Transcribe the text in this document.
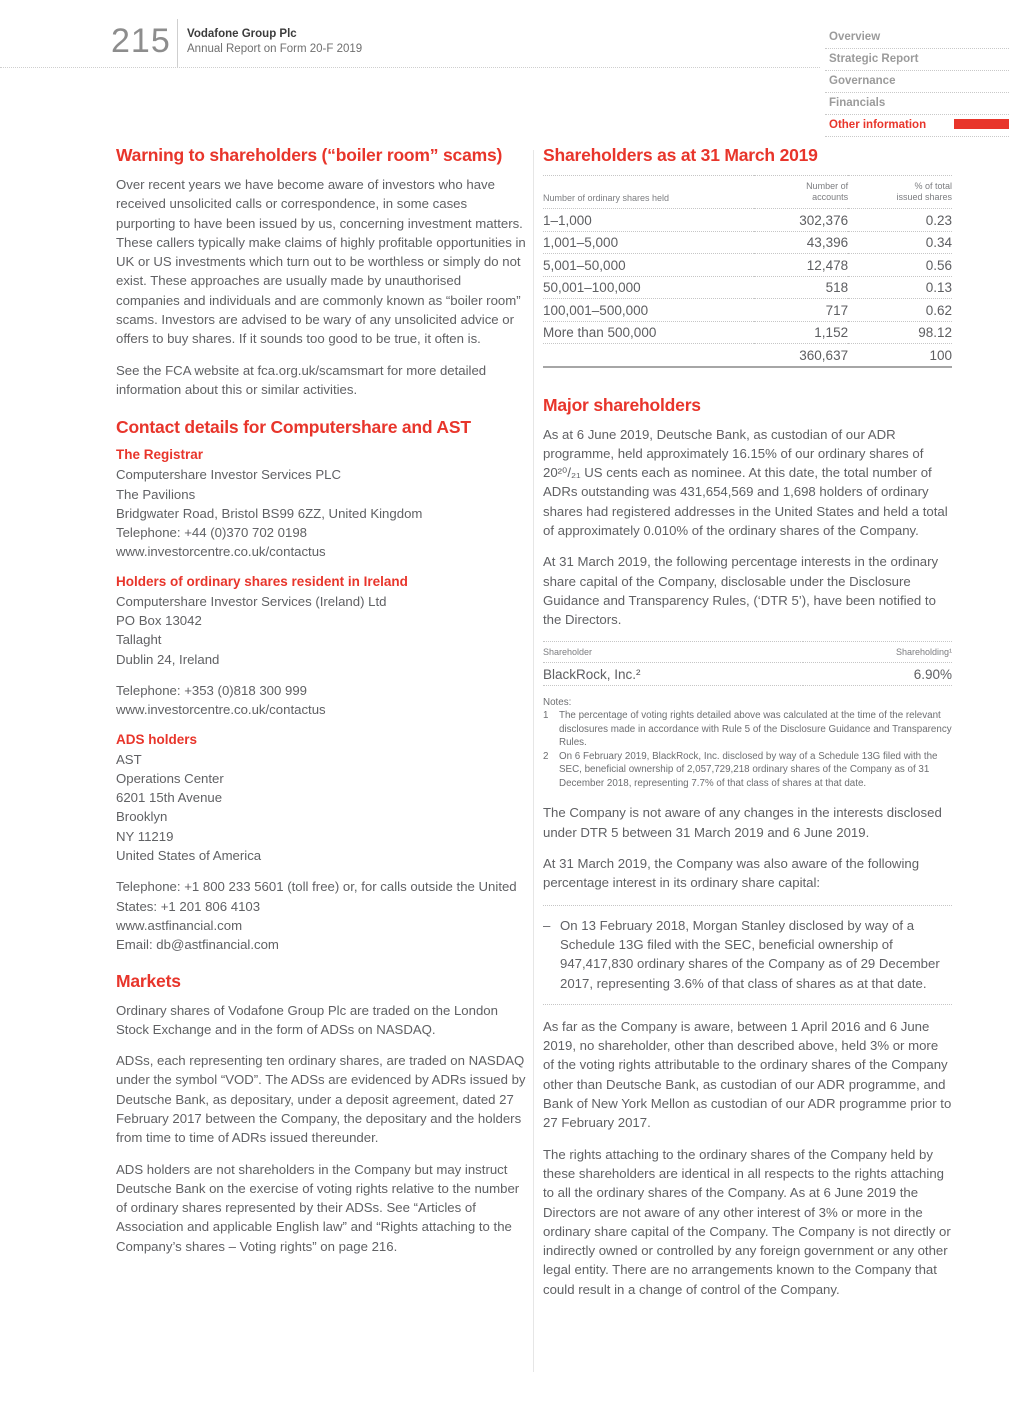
215 Vodafone Group Plc
Annual Report on Form 20-F 2019
Overview
Strategic Report
Governance
Financials
Other information
Warning to shareholders (“boiler room” scams)

Over recent years we have become aware of investors who have received unsolicited calls or correspondence, in some cases purporting to have been issued by us, concerning investment matters. These callers typically make claims of highly profitable opportunities in UK or US investments which turn out to be worthless or simply do not exist. These approaches are usually made by unauthorised companies and individuals and are commonly known as “boiler room” scams. Investors are advised to be wary of any unsolicited advice or offers to buy shares. If it sounds too good to be true, it often is.

See the FCA website at fca.org.uk/scamsmart for more detailed information about this or similar activities.

Contact details for Computershare and AST
The Registrar
Computershare Investor Services PLC
The Pavilions
Bridgwater Road, Bristol BS99 6ZZ, United Kingdom
Telephone: +44 (0)370 702 0198
www.investorcentre.co.uk/contactus
Holders of ordinary shares resident in Ireland
Computershare Investor Services (Ireland) Ltd
PO Box 13042
Tallaght
Dublin 24, Ireland
Telephone: +353 (0)818 300 999
www.investorcentre.co.uk/contactus
ADS holders
AST
Operations Center
6201 15th Avenue
Brooklyn
NY 11219
United States of America
Telephone: +1 800 233 5601 (toll free) or, for calls outside the United States: +1 201 806 4103
www.astfinancial.com
Email: db@astfinancial.com
Markets

Ordinary shares of Vodafone Group Plc are traded on the London Stock Exchange and in the form of ADSs on NASDAQ.

ADSs, each representing ten ordinary shares, are traded on NASDAQ under the symbol “VOD”. The ADSs are evidenced by ADRs issued by Deutsche Bank, as depositary, under a deposit agreement, dated 27 February 2017 between the Company, the depositary and the holders from time to time of ADRs issued thereunder.

ADS holders are not shareholders in the Company but may instruct Deutsche Bank on the exercise of voting rights relative to the number of ordinary shares represented by their ADSs. See “Articles of Association and applicable English law” and “Rights attaching to the Company’s shares – Voting rights” on page 216.

Shareholders as at 31 March 2019
Number of ordinary shares held	Number of accounts	% of total issued shares
1–1,000	302,376	0.23
1,001–5,000	43,396	0.34
5,001–50,000	12,478	0.56
50,001–100,000	518	0.13
100,001–500,000	717	0.62
More than 500,000	1,152	98.12
	360,637	100
Major shareholders

As at 6 June 2019, Deutsche Bank, as custodian of our ADR programme, held approximately 16.15% of our ordinary shares of 20²⁰/₂₁ US cents each as nominee. At this date, the total number of ADRs outstanding was 431,654,569 and 1,698 holders of ordinary shares had registered addresses in the United States and held a total of approximately 0.010% of the ordinary shares of the Company.

At 31 March 2019, the following percentage interests in the ordinary share capital of the Company, disclosable under the Disclosure Guidance and Transparency Rules, (‘DTR 5’), have been notified to the Directors.

Shareholder	Shareholding¹
BlackRock, Inc.²	6.90%
Notes:
1	The percentage of voting rights detailed above was calculated at the time of the relevant disclosures made in accordance with Rule 5 of the Disclosure Guidance and Transparency Rules.
2	On 6 February 2019, BlackRock, Inc. disclosed by way of a Schedule 13G filed with the SEC, beneficial ownership of 2,057,729,218 ordinary shares of the Company as of 31 December 2018, representing 7.7% of that class of shares at that date.

The Company is not aware of any changes in the interests disclosed under DTR 5 between 31 March 2019 and 6 June 2019.

At 31 March 2019, the Company was also aware of the following percentage interest in its ordinary share capital:

– On 13 February 2018, Morgan Stanley disclosed by way of a Schedule 13G filed with the SEC, beneficial ownership of 947,417,830 ordinary shares of the Company as of 29 December 2017, representing 3.6% of that class of shares as at that date.

As far as the Company is aware, between 1 April 2016 and 6 June 2019, no shareholder, other than described above, held 3% or more of the voting rights attributable to the ordinary shares of the Company other than Deutsche Bank, as custodian of our ADR programme, and Bank of New York Mellon as custodian of our ADR programme prior to 27 February 2017.

The rights attaching to the ordinary shares of the Company held by these shareholders are identical in all respects to the rights attaching to all the ordinary shares of the Company. As at 6 June 2019 the Directors are not aware of any other interest of 3% or more in the ordinary share capital of the Company. The Company is not directly or indirectly owned or controlled by any foreign government or any other legal entity. There are no arrangements known to the Company that could result in a change of control of the Company.
